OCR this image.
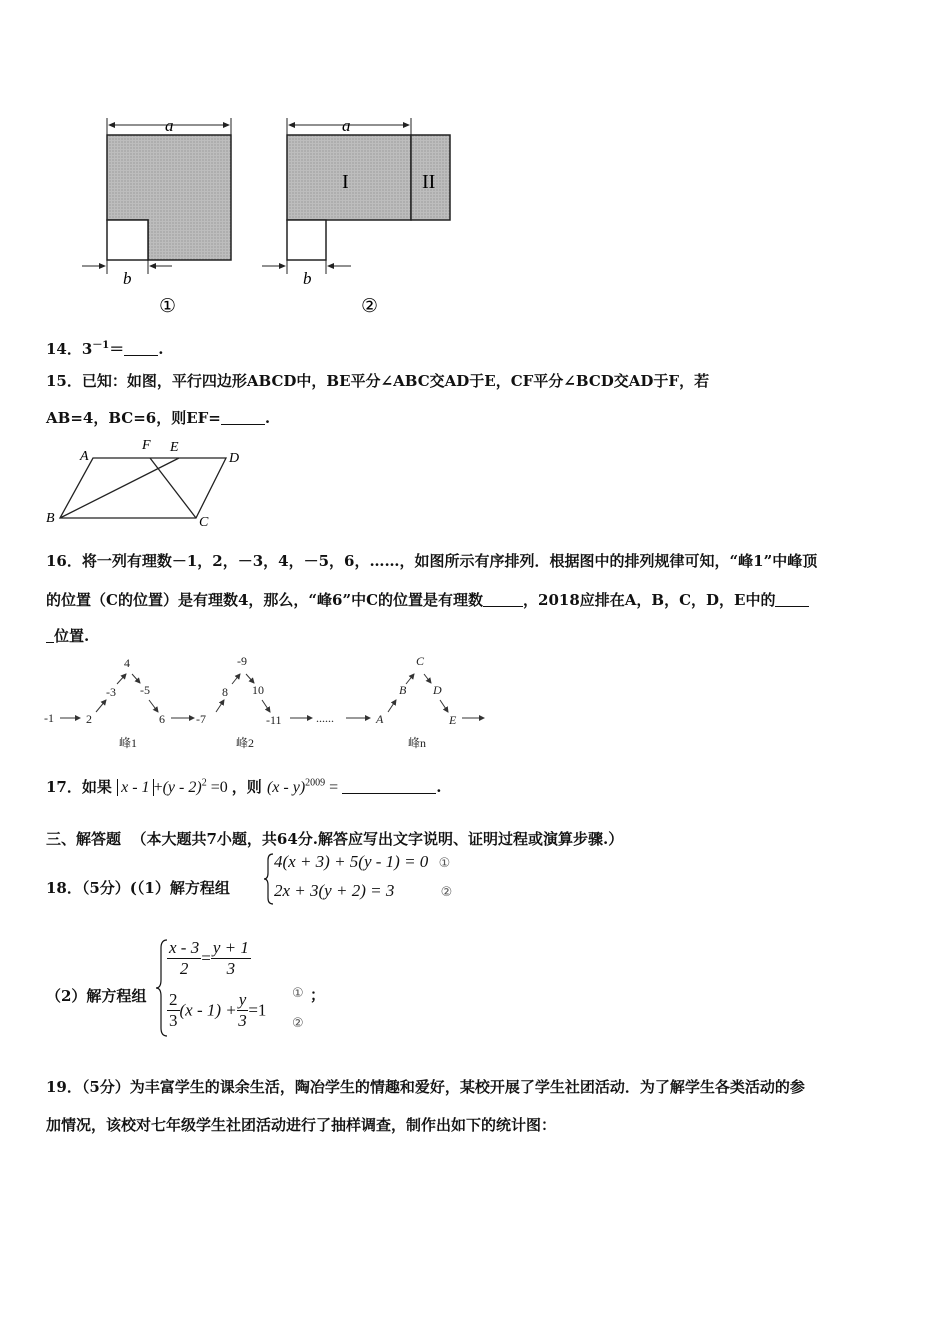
a
b
①
a
I	II
b
②
14．$3^{-1}=$ .
15．已知：如图，平行四边形ABCD中，BE平分∠ABC交AD于E，CF平分∠BCD交AD于F，若
AB=4，BC=6，则EF=	.
A
F E
D
B	C
16．将一列有理数－1，2，－3，4，－5，6，……，如图所示有序排列．根据图中的排列规律可知，“峰1”中峰顶
的位置（C的位置）是有理数4，那么，“峰6”中C的位置是有理数	，2018应排在A，B，C，D，E中的
位置.
-1	2
-3
4
-5
6
峰1
-7
8
-9
10
-11
峰2
......	A
B
C
D
E
峰n
17．如果 x - 1 +(y - 2)$^2$ =0 ，则 (x - y)$^{2009}$ =	.
三、解答题 （本大题共7小题，共64分.解答应写出文字说明、证明过程或演算步骤.）
18．（5分）(（1）解方程组
4(x + 3) + 5(y - 1) = 0 ①
2x + 3(y + 2) = 3	②
（2）解方程组
$\frac{x - 3}{2} = \frac{y + 1}{3}$
$\frac{2}{3} (x - 1) + \frac{y}{3} =1$
①
②
；
19．（5分）为丰富学生的课余生活，陶冶学生的情趣和爱好，某校开展了学生社团活动．为了解学生各类活动的参
加情况，该校对七年级学生社团活动进行了抽样调查，制作出如下的统计图：
